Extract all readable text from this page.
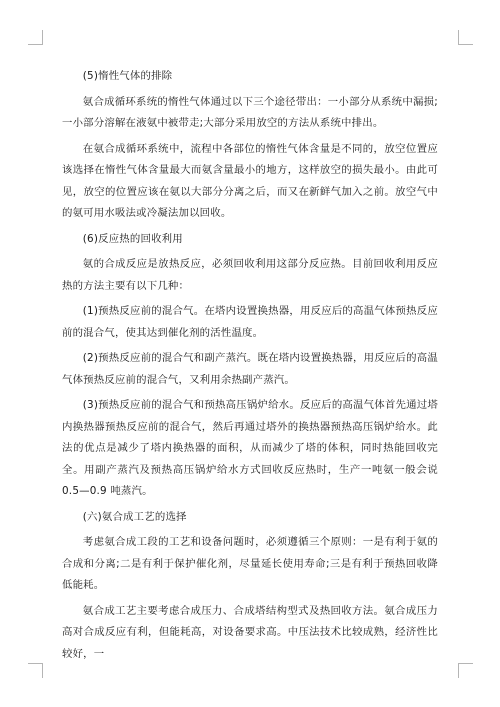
(5)惰性气体的排除

氨合成循环系统的惰性气体通过以下三个途径带出：一小部分从系统中漏损;一小部分溶解在液氨中被带走;大部分采用放空的方法从系统中排出。

在氨合成循环系统中，流程中各部位的惰性气体含量是不同的，放空位置应该选择在惰性气体含量最大而氨含量最小的地方，这样放空的损失最小。由此可见，放空的位置应该在氨以大部分分离之后，而又在新鲜气加入之前。放空气中的氨可用水吸法或冷凝法加以回收。

(6)反应热的回收利用

氨的合成反应是放热反应，必须回收利用这部分反应热。目前回收利用反应热的方法主要有以下几种：

(1)预热反应前的混合气。在塔内设置换热器，用反应后的高温气体预热反应前的混合气，使其达到催化剂的活性温度。

(2)预热反应前的混合气和副产蒸汽。既在塔内设置换热器，用反应后的高温气体预热反应前的混合气，又利用余热副产蒸汽。

(3)预热反应前的混合气和预热高压锅炉给水。反应后的高温气体首先通过塔内换热器预热反应前的混合气，然后再通过塔外的换热器预热高压锅炉给水。此法的优点是减少了塔内换热器的面积，从而减少了塔的体积，同时热能回收完全。用副产蒸汽及预热高压锅炉给水方式回收反应热时，生产一吨氨一般会说 0.5—0.9 吨蒸汽。

(六)氨合成工艺的选择

考虑氨合成工段的工艺和设备问题时，必须遵循三个原则：一是有利于氨的合成和分离;二是有利于保护催化剂，尽量延长使用寿命;三是有利于预热回收降低能耗。

氨合成工艺主要考虑合成压力、合成塔结构型式及热回收方法。氨合成压力高对合成反应有利，但能耗高，对设备要求高。中压法技术比较成熟，经济性比较好，一
